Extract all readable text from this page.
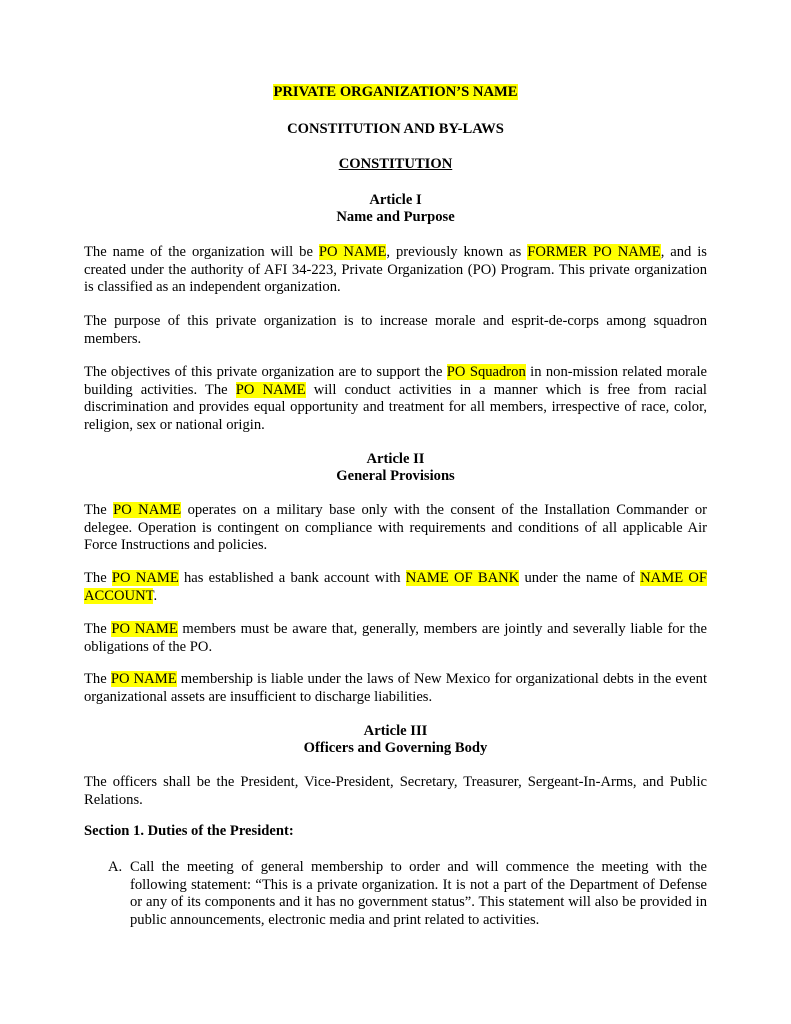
PRIVATE ORGANIZATION’S NAME
CONSTITUTION AND BY-LAWS
CONSTITUTION
Article I
Name and Purpose

The name of the organization will be PO NAME, previously known as FORMER PO NAME, and is created under the authority of AFI 34-223, Private Organization (PO) Program. This private organization is classified as an independent organization.

The purpose of this private organization is to increase morale and esprit-de-corps among squadron members.

The objectives of this private organization are to support the PO Squadron in non-mission related morale building activities. The PO NAME will conduct activities in a manner which is free from racial discrimination and provides equal opportunity and treatment for all members, irrespective of race, color, religion, sex or national origin.

Article II
General Provisions

The PO NAME operates on a military base only with the consent of the Installation Commander or delegee. Operation is contingent on compliance with requirements and conditions of all applicable Air Force Instructions and policies.

The PO NAME has established a bank account with NAME OF BANK under the name of NAME OF ACCOUNT.

The PO NAME members must be aware that, generally, members are jointly and severally liable for the obligations of the PO.

The PO NAME membership is liable under the laws of New Mexico for organizational debts in the event organizational assets are insufficient to discharge liabilities.

Article III
Officers and Governing Body

The officers shall be the President, Vice-President, Secretary, Treasurer, Sergeant-In-Arms, and Public Relations.

Section 1. Duties of the President:
A. Call the meeting of general membership to order and will commence the meeting with the following statement: “This is a private organization. It is not a part of the Department of Defense or any of its components and it has no government status”. This statement will also be provided in public announcements, electronic media and print related to activities.
